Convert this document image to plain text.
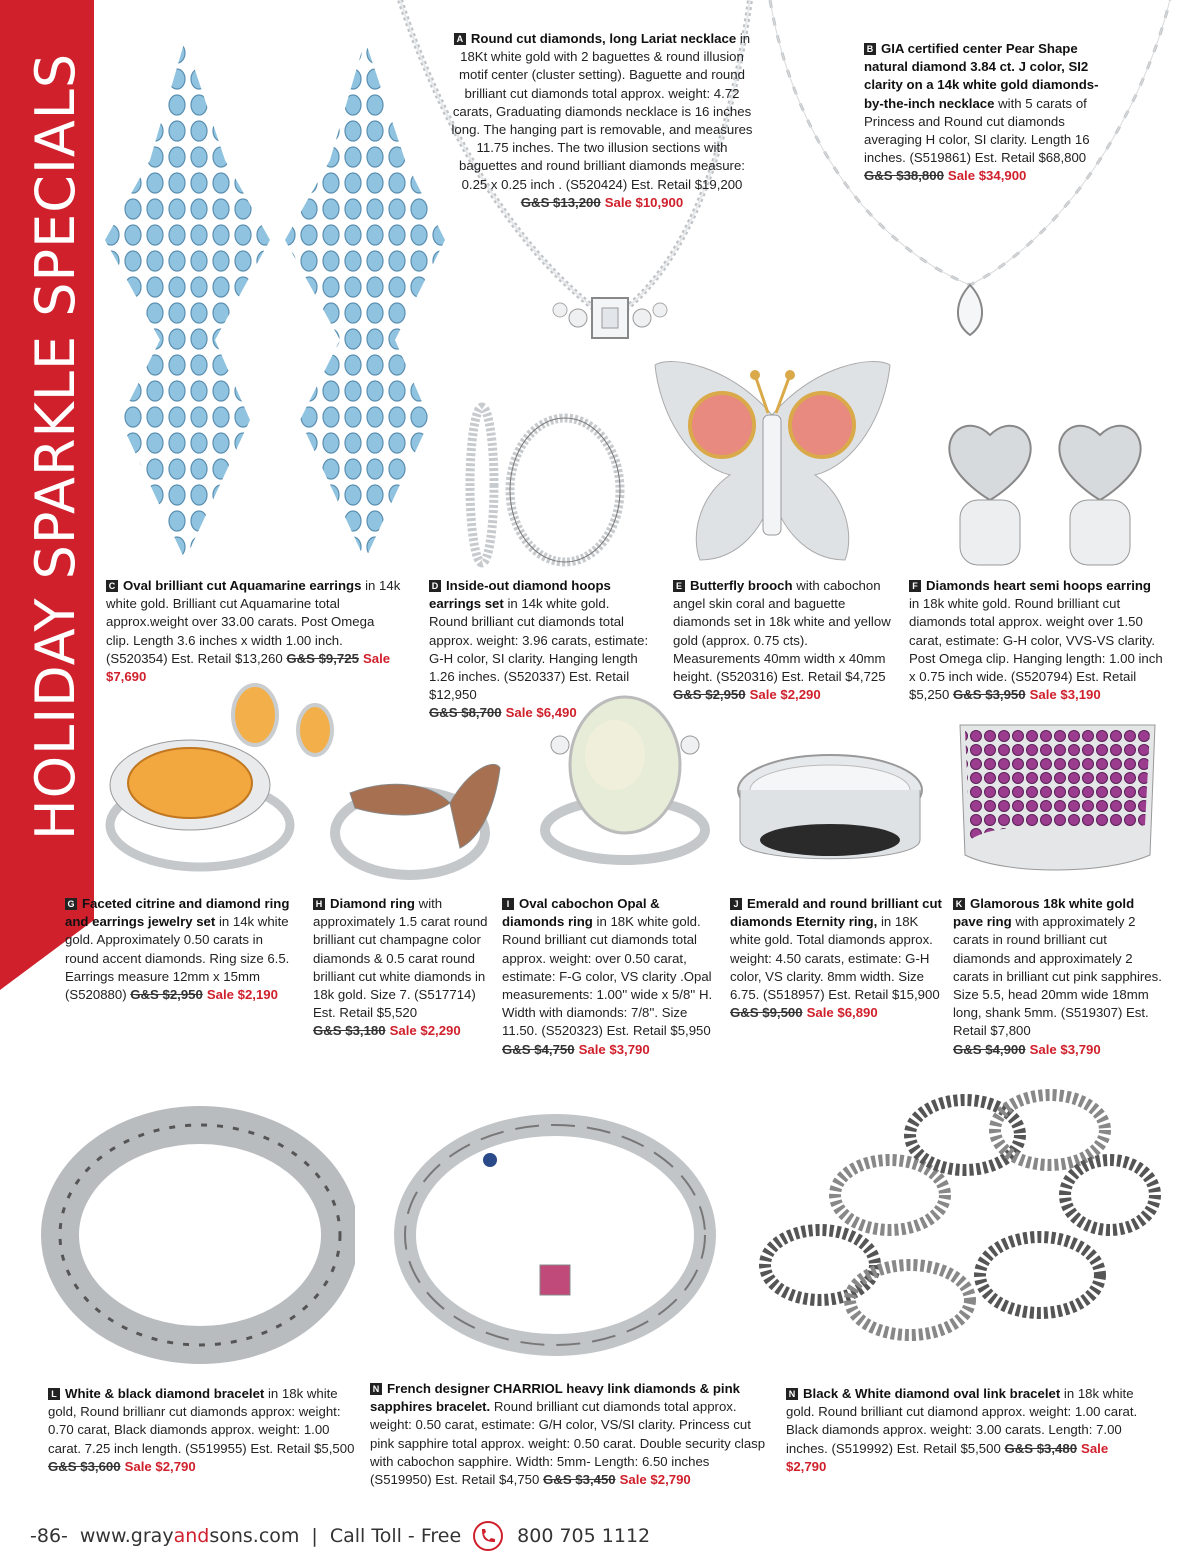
HOLIDAY SPARKLE SPECIALS
A Round cut diamonds, long Lariat necklace in 18Kt white gold with 2 baguettes & round illusion motif center (cluster setting). Baguette and round brilliant cut diamonds total approx. weight: 4.72 carats, Graduating diamonds necklace is 16 inches long. The hanging part is removable, and measures 11.75 inches. The two illusion sections with baguettes and round brilliant diamonds measure: 0.25 x 0.25 inch . (S520424) Est. Retail $19,200
G&S $13,200 Sale $10,900
B GIA certified center Pear Shape natural diamond 3.84 ct. J color, SI2 clarity on a 14k white gold diamonds-by-the-inch necklace with 5 carats of Princess and Round cut diamonds averaging H color, SI clarity. Length 16 inches. (S519861) Est. Retail $68,800
G&S $38,800 Sale $34,900
C Oval brilliant cut Aquamarine earrings in 14k white gold. Brilliant cut Aquamarine total approx.weight over 33.00 carats. Post Omega clip. Length 3.6 inches x width 1.00 inch. (S520354) Est. Retail $13,260 G&S $9,725 Sale $7,690
D Inside-out diamond hoops earrings set in 14k white gold. Round brilliant cut diamonds total approx. weight: 3.96 carats, estimate: G-H color, SI clarity. Hanging length 1.26 inches. (S520337) Est. Retail $12,950
G&S $8,700 Sale $6,490
E Butterfly brooch with cabochon angel skin coral and baguette diamonds set in 18k white and yellow gold (approx. 0.75 cts). Measurements 40mm width x 40mm height. (S520316) Est. Retail $4,725
G&S $2,950 Sale $2,290
F Diamonds heart semi hoops earring in 18k white gold. Round brilliant cut diamonds total approx. weight over 1.50 carat, estimate: G-H color, VVS-VS clarity. Post Omega clip. Hanging length: 1.00 inch x 0.75 inch wide. (S520794) Est. Retail $5,250 G&S $3,950 Sale $3,190
G Faceted citrine and diamond ring and earrings jewelry set in 14k white gold. Approximately 0.50 carats in round accent diamonds. Ring size 6.5. Earrings measure 12mm x 15mm (S520880) G&S $2,950 Sale $2,190
H Diamond ring with approximately 1.5 carat round brilliant cut champagne color diamonds & 0.5 carat round brilliant cut white diamonds in 18k gold. Size 7. (S517714) Est. Retail $5,520
G&S $3,180 Sale $2,290
I Oval cabochon Opal & diamonds ring in 18K white gold. Round brilliant cut diamonds total approx. weight: over 0.50 carat, estimate: F-G color, VS clarity .Opal measurements: 1.00'' wide x 5/8'' H. Width with diamonds: 7/8''. Size 11.50. (S520323) Est. Retail $5,950
G&S $4,750 Sale $3,790
J Emerald and round brilliant cut diamonds Eternity ring, in 18K white gold. Total diamonds approx. weight: 4.50 carats, estimate: G-H color, VS clarity. 8mm width. Size 6.75. (S518957) Est. Retail $15,900
G&S $9,500 Sale $6,890
K Glamorous 18k white gold pave ring with approximately 2 carats in round brilliant cut diamonds and approximately 2 carats in brilliant cut pink sapphires. Size 5.5, head 20mm wide 18mm long, shank 5mm. (S519307) Est. Retail $7,800
G&S $4,900 Sale $3,790
L White & black diamond bracelet in 18k white gold, Round brillianr cut diamonds approx: weight: 0.70 carat, Black diamonds approx. weight: 1.00 carat. 7.25 inch length. (S519955) Est. Retail $5,500
G&S $3,600 Sale $2,790
N French designer CHARRIOL heavy link diamonds & pink sapphires bracelet. Round brilliant cut diamonds total approx. weight: 0.50 carat, estimate: G/H color, VS/SI clarity. Princess cut pink sapphire total approx. weight: 0.50 carat. Double security clasp with cabochon sapphire. Width: 5mm- Length: 6.50 inches (S519950) Est. Retail $4,750 G&S $3,450 Sale $2,790
N Black & White diamond oval link bracelet in 18k white gold. Round brilliant cut diamond approx. weight: 1.00 carat. Black diamonds approx. weight: 3.00 carats. Length: 7.00 inches. (S519992) Est. Retail $5,500 G&S $3,480 Sale $2,790
-86- www.grayandsons.com | Call Toll - Free	800 705 1112
